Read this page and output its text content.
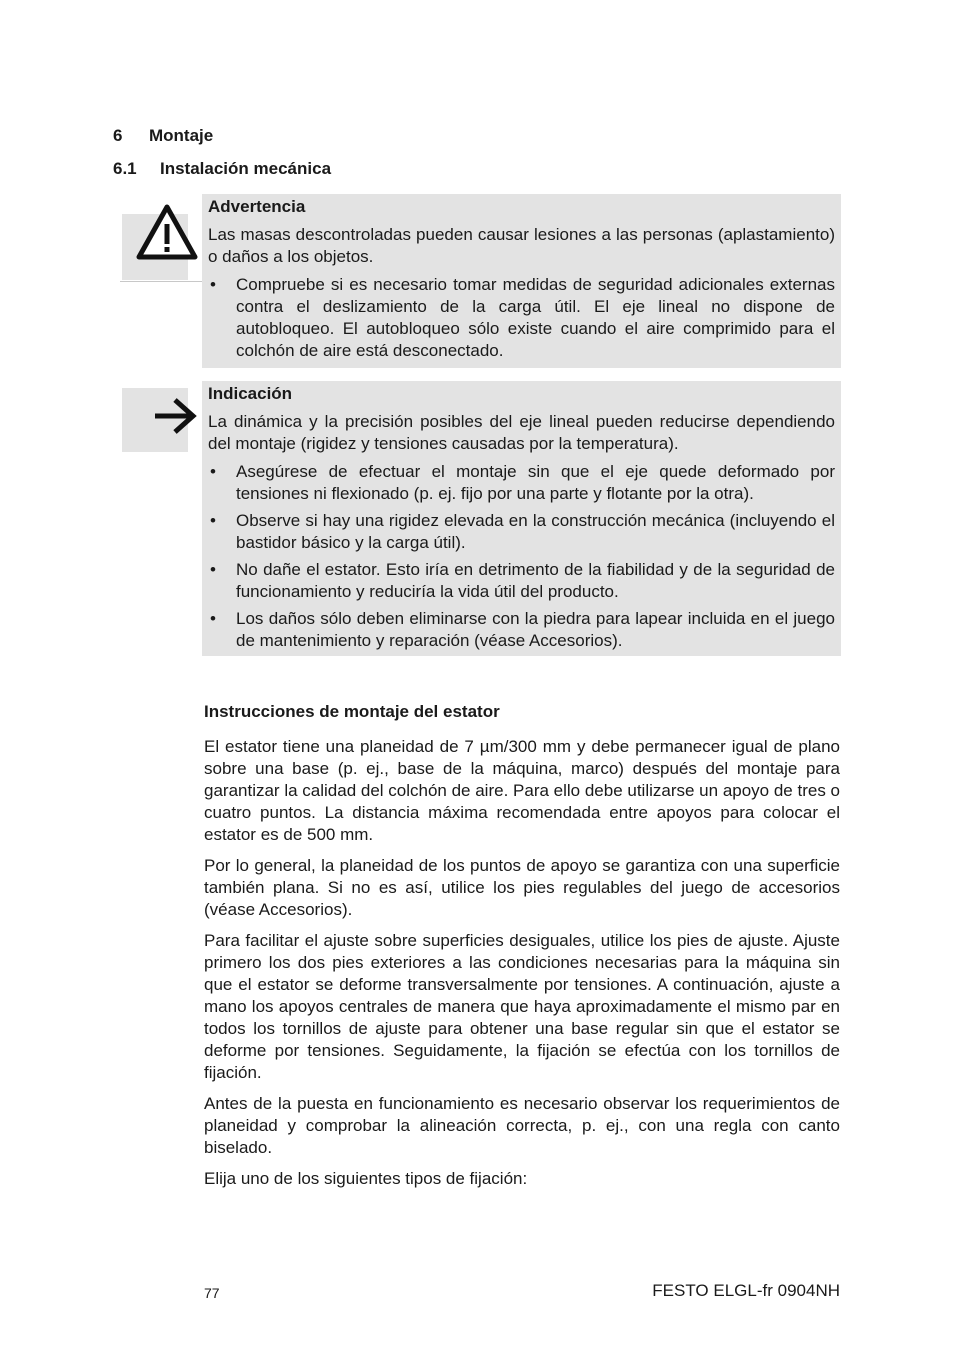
6 Montaje
6.1 Instalación mecánica
Advertencia

Las masas descontroladas pueden causar lesiones a las personas (aplastamiento) o daños a los objetos.

• Compruebe si es necesario tomar medidas de seguridad adicionales externas contra el deslizamiento de la carga útil. El eje lineal no dispone de autobloqueo. El autobloqueo sólo existe cuando el aire comprimido para el colchón de aire está desconectado.
Indicación

La dinámica y la precisión posibles del eje lineal pueden reducirse dependiendo del montaje (rigidez y tensiones causadas por la temperatura).

• Asegúrese de efectuar el montaje sin que el eje quede deformado por tensiones ni flexionado (p. ej. fijo por una parte y flotante por la otra).
• Observe si hay una rigidez elevada en la construcción mecánica (incluyendo el bastidor básico y la carga útil).
• No dañe el estator. Esto iría en detrimento de la fiabilidad y de la seguridad de funcionamiento y reduciría la vida útil del producto.
• Los daños sólo deben eliminarse con la piedra para lapear incluida en el juego de mantenimiento y reparación (véase Accesorios).
Instrucciones de montaje del estator

El estator tiene una planeidad de 7 µm/300 mm y debe permanecer igual de plano sobre una base (p. ej., base de la máquina, marco) después del montaje para garantizar la calidad del colchón de aire. Para ello debe utilizarse un apoyo de tres o cuatro puntos. La distancia máxima recomendada entre apoyos para colocar el estator es de 500 mm.

Por lo general, la planeidad de los puntos de apoyo se garantiza con una superficie también plana. Si no es así, utilice los pies regulables del juego de accesorios (véase Accesorios).

Para facilitar el ajuste sobre superficies desiguales, utilice los pies de ajuste. Ajuste primero los dos pies exteriores a las condiciones necesarias para la máquina sin que el estator se deforme transversalmente por tensiones. A continuación, ajuste a mano los apoyos centrales de manera que haya aproximadamente el mismo par en todos los tornillos de ajuste para obtener una base regular sin que el estator se deforme por tensiones. Seguidamente, la fijación se efectúa con los tornillos de fijación.

Antes de la puesta en funcionamiento es necesario observar los requerimientos de planeidad y comprobar la alineación correcta, p. ej., con una regla con canto biselado.

Elija uno de los siguientes tipos de fijación:

77	FESTO ELGL-fr 0904NH
